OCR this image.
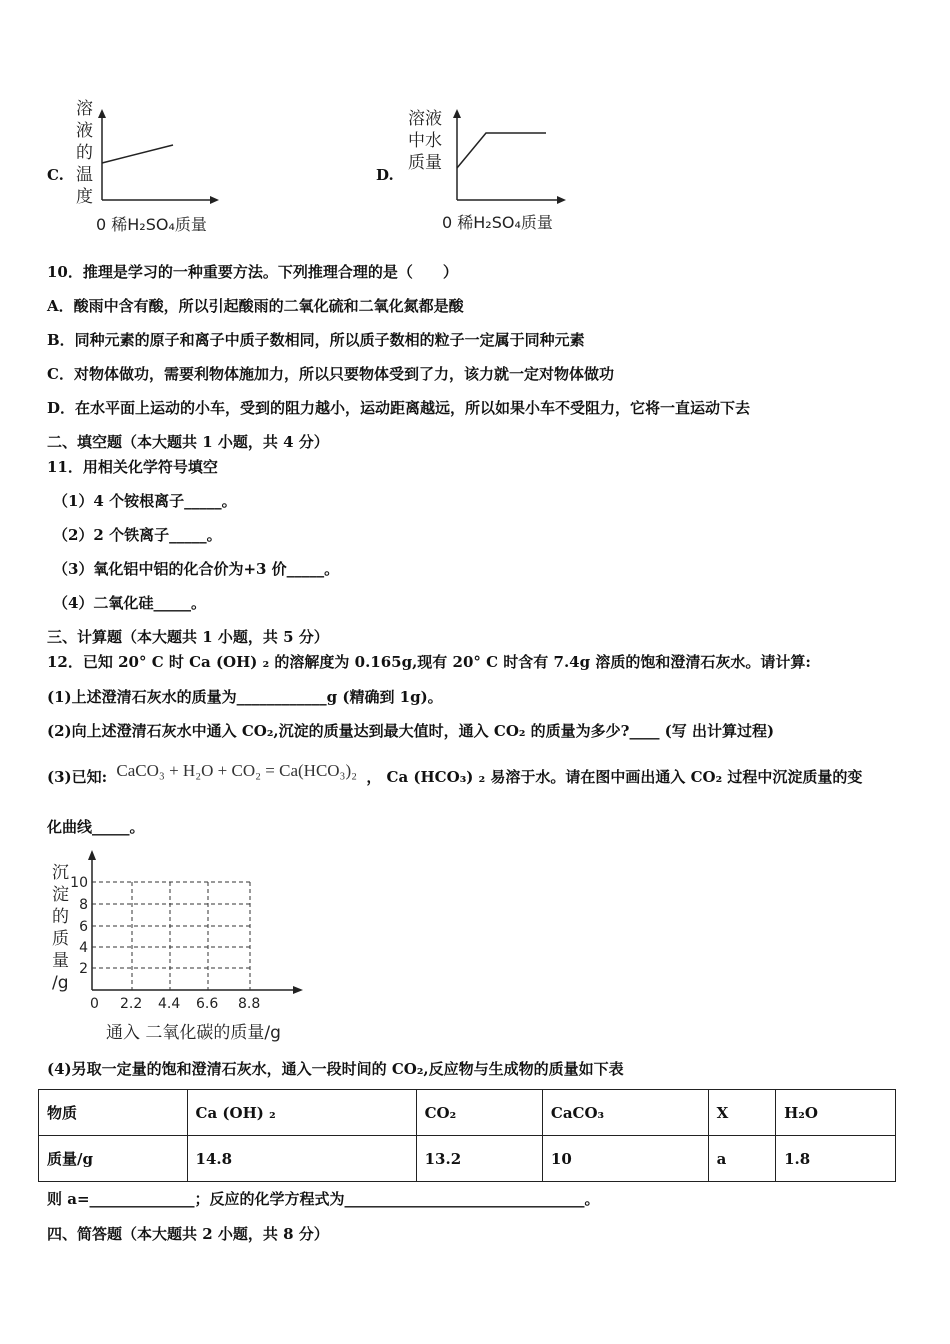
C.
溶
液
的
温
度
0 稀H₂SO₄质量
D.
溶液
中水
质量
0 稀H₂SO₄质量
10．推理是学习的一种重要方法。下列推理合理的是（　　）
A．酸雨中含有酸，所以引起酸雨的二氧化硫和二氧化氮都是酸
B．同种元素的原子和离子中质子数相同，所以质子数相的粒子一定属于同种元素
C．对物体做功，需要利物体施加力，所以只要物体受到了力，该力就一定对物体做功
D．在水平面上运动的小车，受到的阻力越小，运动距离越远，所以如果小车不受阻力，它将一直运动下去
二、填空题（本大题共 1 小题，共 4 分）
11．用相关化学符号填空
（1）4 个铵根离子_____。
（2）2 个铁离子_____。
（3）氧化铝中铝的化合价为+3 价_____。
（4）二氧化硅_____。
三、计算题（本大题共 1 小题，共 5 分）
12．已知 20° C 时 Ca (OH) ₂ 的溶解度为 0.165g,现有 20° C 时含有 7.4g 溶质的饱和澄清石灰水。请计算:
(1)上述澄清石灰水的质量为____________g (精确到 1g)。
(2)向上述澄清石灰水中通入 CO₂,沉淀的质量达到最大值时，通入 CO₂ 的质量为多少?____ (写 出计算过程)
(3)已知: CaCO₃ + H₂O + CO₂ = Ca(HCO₃)₂ ， Ca (HCO₃) ₂ 易溶于水。请在图中画出通入 CO₂ 过程中沉淀质量的变
化曲线_____。
沉
淀
的
质
量
/g
0 2.2 4.4 6.6 8.8
2
4
6
8
10
通入 二氧化碳的质量/g
(4)另取一定量的饱和澄清石灰水，通入一段时间的 CO₂,反应物与生成物的质量如下表
物质	Ca (OH) ₂	CO₂	CaCO₃	X	H₂O
质量/g	14.8	13.2	10	a	1.8
则 a=______________；反应的化学方程式为________________________________。
四、简答题（本大题共 2 小题，共 8 分）
